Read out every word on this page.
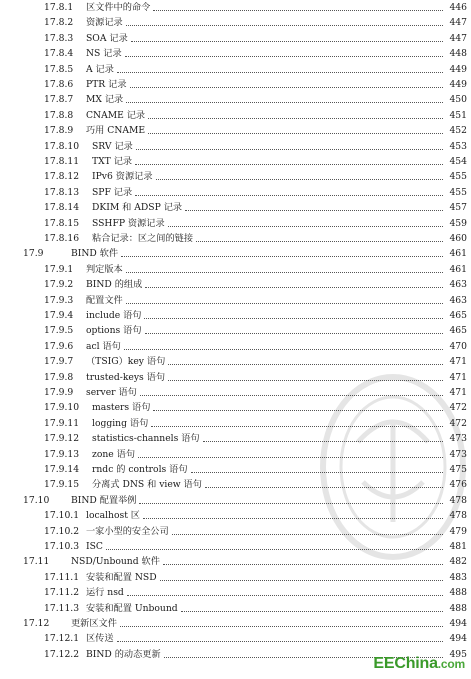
17.8.1 区文件中的命令	446
17.8.2 资源记录	447
17.8.3 SOA 记录	447
17.8.4 NS 记录	448
17.8.5 A 记录	449
17.8.6 PTR 记录	449
17.8.7 MX 记录	450
17.8.8 CNAME 记录	451
17.8.9 巧用 CNAME	452
17.8.10 SRV 记录	453
17.8.11 TXT 记录	454
17.8.12 IPv6 资源记录	455
17.8.13 SPF 记录	455
17.8.14 DKIM 和 ADSP 记录	457
17.8.15 SSHFP 资源记录	459
17.8.16 粘合记录：区之间的链接	460
17.9	BIND 软件	461
17.9.1 判定版本	461
17.9.2 BIND 的组成	463
17.9.3 配置文件	463
17.9.4 include 语句	465
17.9.5 options 语句	465
17.9.6 acl 语句	470
17.9.7 （TSIG）key 语句	471
17.9.8 trusted-keys 语句	471
17.9.9 server 语句	471
17.9.10 masters 语句	472
17.9.11 logging 语句	472
17.9.12 statistics-channels 语句	473
17.9.13 zone 语句	473
17.9.14 rndc 的 controls 语句	475
17.9.15 分离式 DNS 和 view 语句	476
17.10 BIND 配置举例	478
17.10.1 localhost 区	478
17.10.2 一家小型的安全公司	479
17.10.3 ISC	481
17.11 NSD/Unbound 软件	482
17.11.1 安装和配置 NSD	483
17.11.2 运行 nsd	488
17.11.3 安装和配置 Unbound	488
17.12 更新区文件	494
17.12.1 区传送	494
17.12.2 BIND 的动态更新	495
EEChina.com
